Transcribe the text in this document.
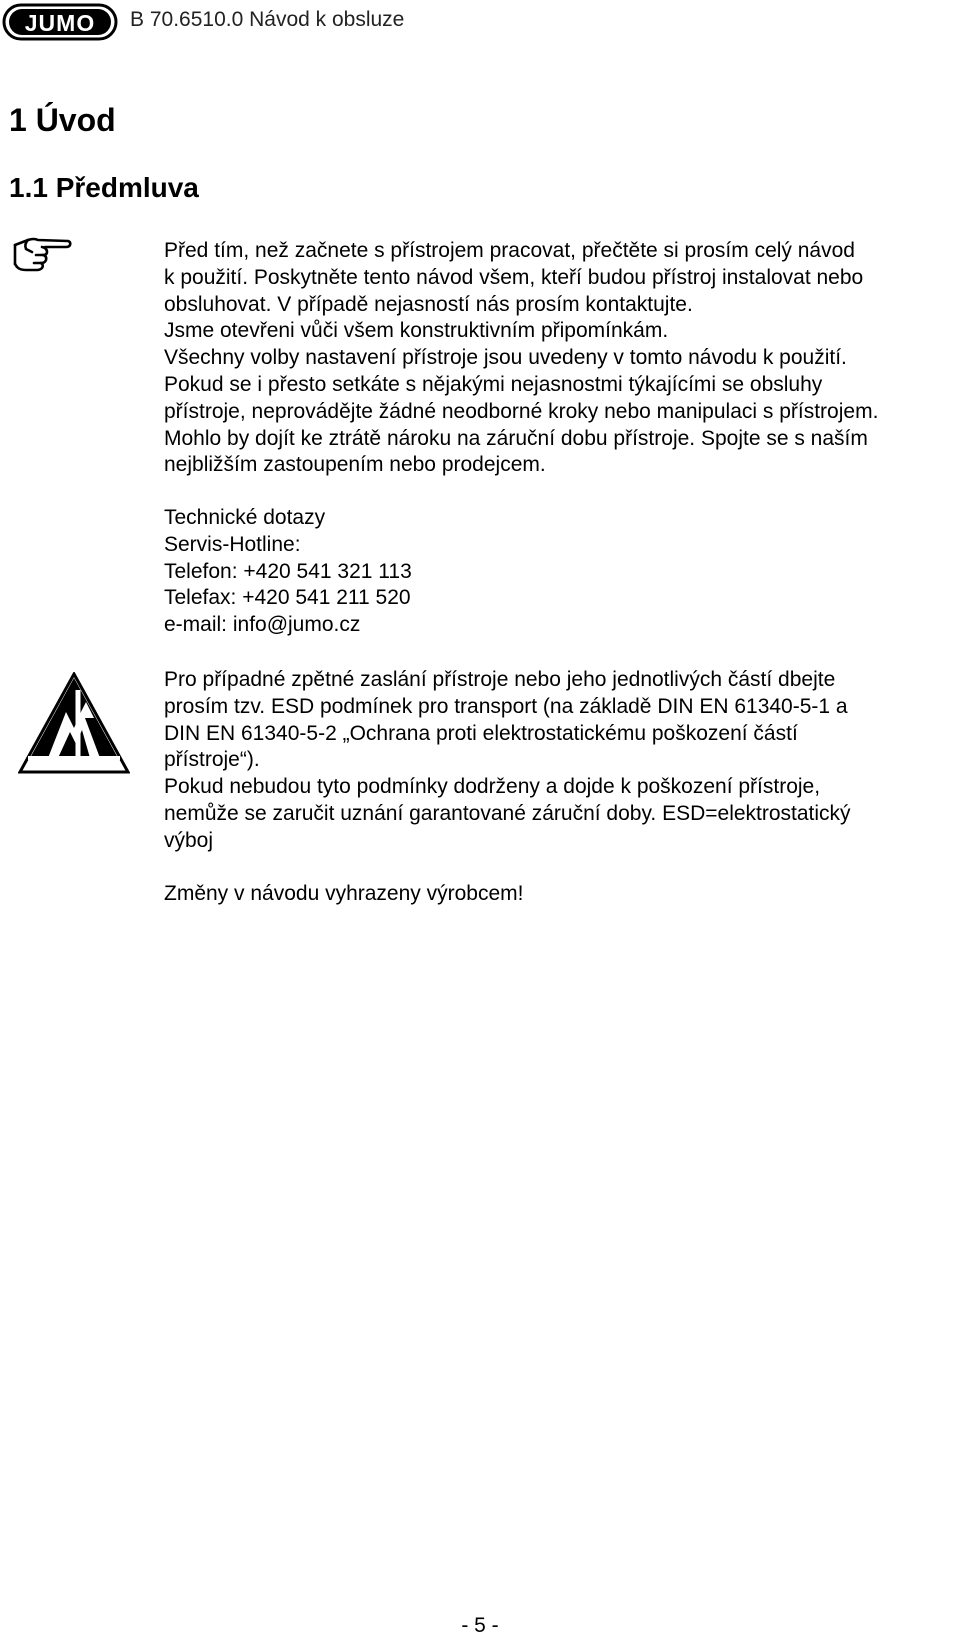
JUMO B 70.6510.0 Návod k obsluze
1 Úvod
1.1 Předmluva

Před tím, než začnete s přístrojem pracovat, přečtěte si prosím celý návod

k použití. Poskytněte tento návod všem, kteří budou přístroj instalovat nebo

obsluhovat. V případě nejasností nás prosím kontaktujte.

Jsme otevřeni vůči všem konstruktivním připomínkám.

Všechny volby nastavení přístroje jsou uvedeny v tomto návodu k použití.

Pokud se i přesto setkáte s nějakými nejasnostmi týkajícími se obsluhy

přístroje, neprovádějte žádné neodborné kroky nebo manipulaci s přístrojem.

Mohlo by dojít ke ztrátě nároku na záruční dobu přístroje. Spojte se s naším

nejbližším zastoupením nebo prodejcem.

Technické dotazy

Servis-Hotline:

Telefon: +420 541 321 113

Telefax: +420 541 211 520

e-mail: info@jumo.cz

Pro případné zpětné zaslání přístroje nebo jeho jednotlivých částí dbejte

prosím tzv. ESD podmínek pro transport (na základě DIN EN 61340-5-1 a

DIN EN 61340-5-2 „Ochrana proti elektrostatickému poškození částí

přístroje“).

Pokud nebudou tyto podmínky dodrženy a dojde k poškození přístroje,

nemůže se zaručit uznání garantované záruční doby. ESD=elektrostatický

výboj

Změny v návodu vyhrazeny výrobcem!

- 5 -
